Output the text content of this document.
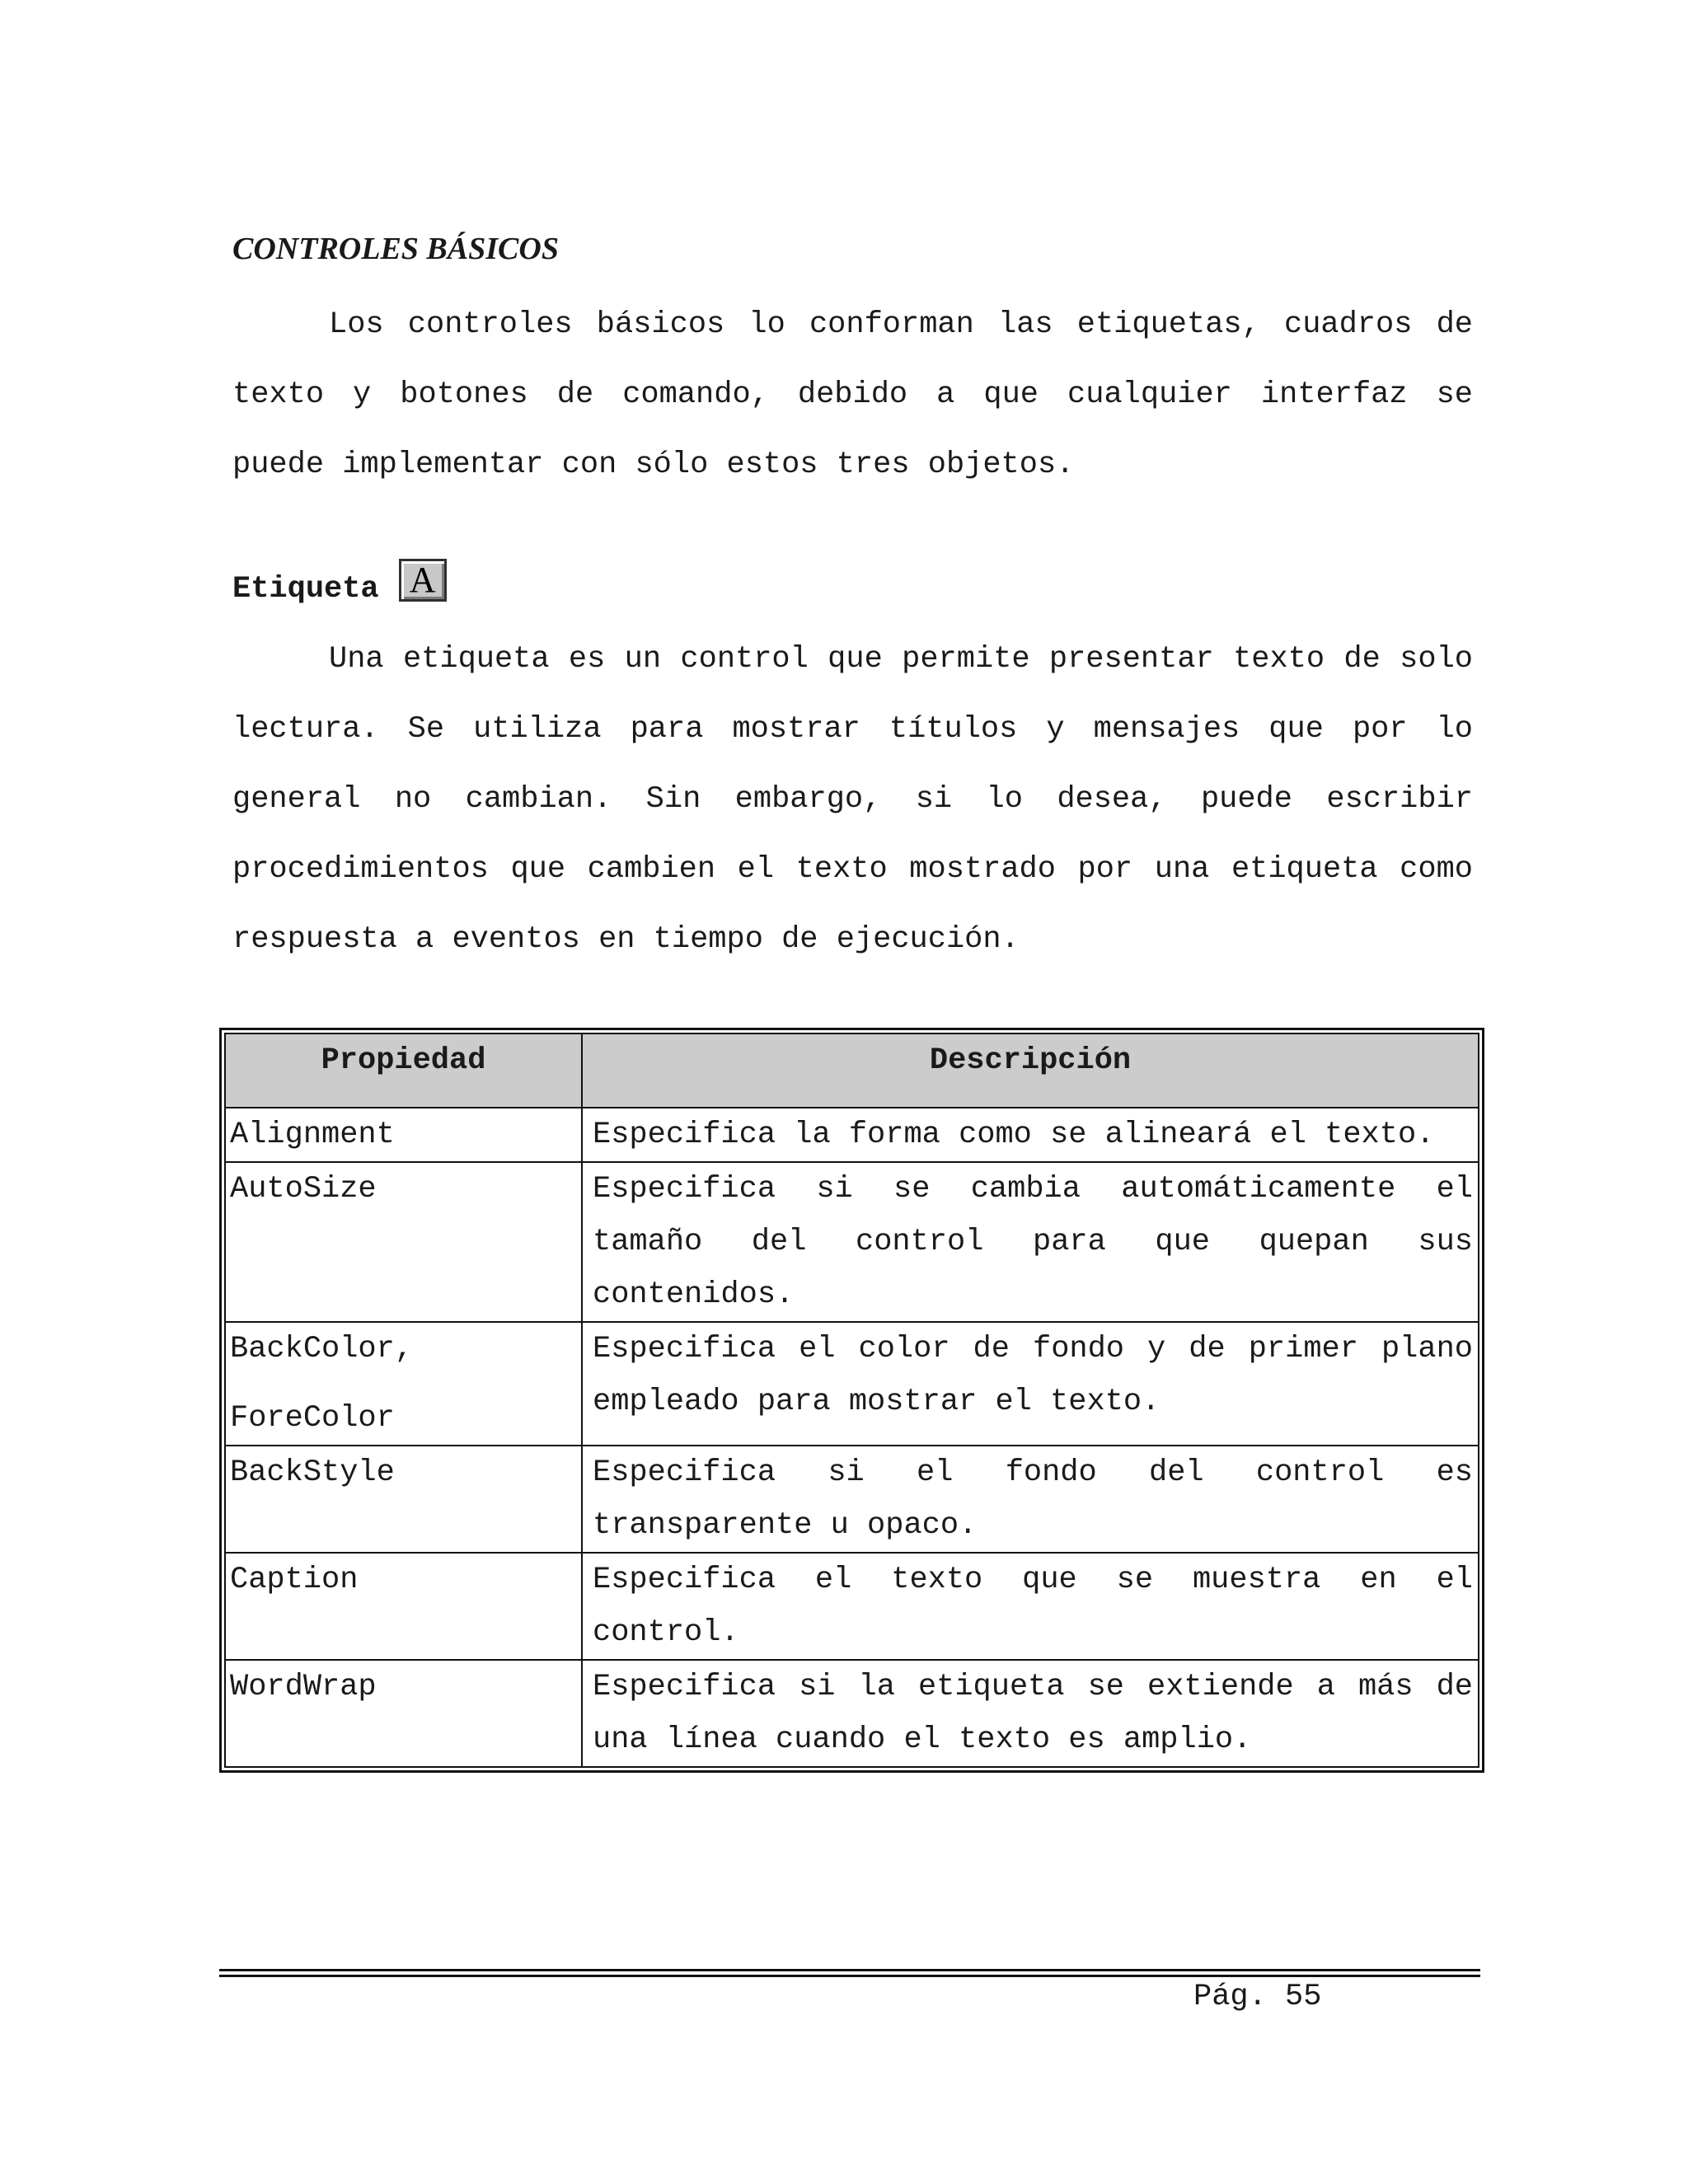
CONTROLES BÁSICOS

Los controles básicos lo conforman las etiquetas, cuadros de texto y botones de comando, debido a que cualquier interfaz se puede implementar con sólo estos tres objetos.

Etiqueta A

Una etiqueta es un control que permite presentar texto de solo lectura. Se utiliza para mostrar títulos y mensajes que por lo general no cambian. Sin embargo, si lo desea, puede escribir procedimientos que cambien el texto mostrado por una etiqueta como respuesta a eventos en tiempo de ejecución.

Propiedad	Descripción

Alignment	Especifica la forma como se alineará el texto.

AutoSize	Especifica si se cambia automáticamente el tamaño del control para que quepan sus contenidos.

BackColor,
ForeColor	Especifica el color de fondo y de primer plano empleado para mostrar el texto.

BackStyle	Especifica si el fondo del control es transparente u opaco.

Caption	Especifica el texto que se muestra en el control.

WordWrap	Especifica si la etiqueta se extiende a más de una línea cuando el texto es amplio.

Pág. 55
